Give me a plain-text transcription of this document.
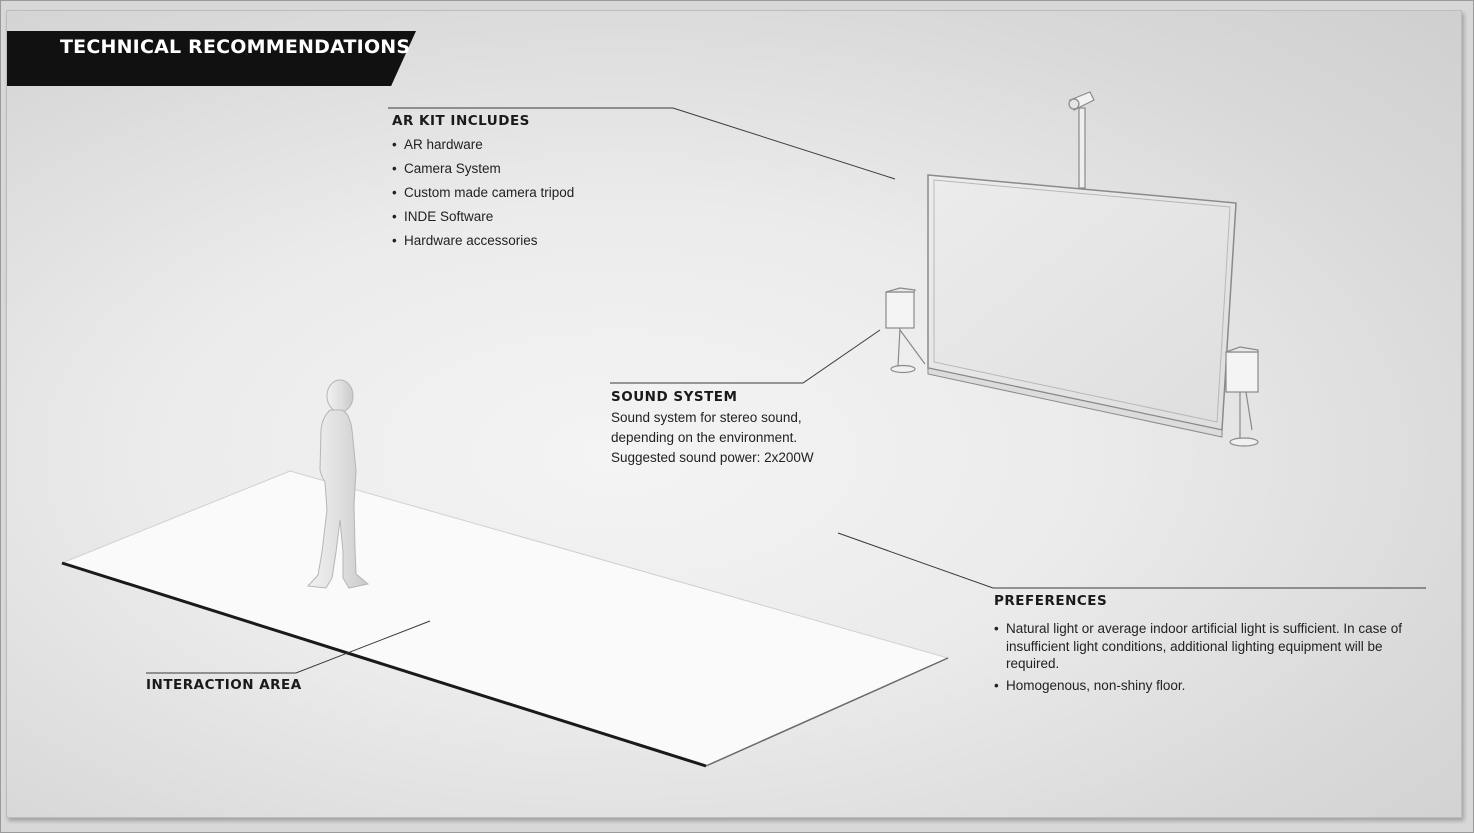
TECHNICAL RECOMMENDATIONS
AR KIT INCLUDES
• AR hardware
• Camera System
• Custom made camera tripod
• INDE Software
• Hardware accessories
SOUND SYSTEM
Sound system for stereo sound,
depending on the environment.
Suggested sound power: 2x200W
PREFERENCES
• Natural light or average indoor artificial light is sufficient. In case of insufficient light conditions, additional lighting equipment will be required.
• Homogenous, non-shiny floor.
INTERACTION AREA
